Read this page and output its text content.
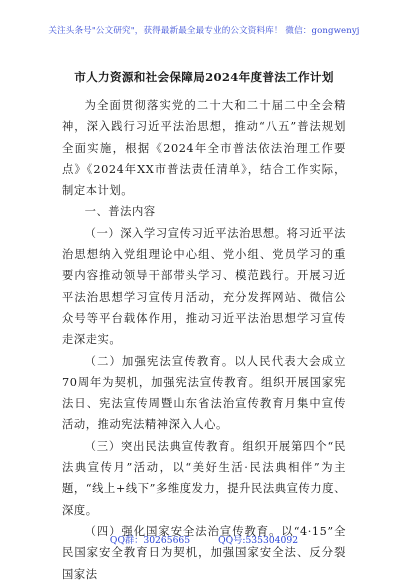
关注头条号"公文研究"，获得最新最全最专业的公文资料库！ 微信：gongwenyj
市人力资源和社会保障局2024年度普法工作计划

为全面贯彻落实党的二十大和二十届二中全会精神，深入践行习近平法治思想，推动“八五”普法规划全面实施，根据《2024年全市普法依法治理工作要点》《2024年XX市普法责任清单》，结合工作实际，制定本计划。

一、普法内容

（一）深入学习宣传习近平法治思想。将习近平法治思想纳入党组理论中心组、党小组、党员学习的重要内容推动领导干部带头学习、模范践行。开展习近平法治思想学习宣传月活动，充分发挥网站、微信公众号等平台载体作用，推动习近平法治思想学习宣传走深走实。

（二）加强宪法宣传教育。以人民代表大会成立70周年为契机，加强宪法宣传教育。组织开展国家宪法日、宪法宣传周暨山东省法治宣传教育月集中宣传活动，推动宪法精神深入人心。

（三）突出民法典宣传教育。组织开展第四个“民法典宣传月”活动，以“美好生活·民法典相伴”为主题，“线上+线下”多维度发力，提升民法典宣传力度、深度。

（四）强化国家安全法治宣传教育。以“4·15”全民国家安全教育日为契机，加强国家安全法、反分裂国家法

QQ群：30265665	QQ号:535304092
